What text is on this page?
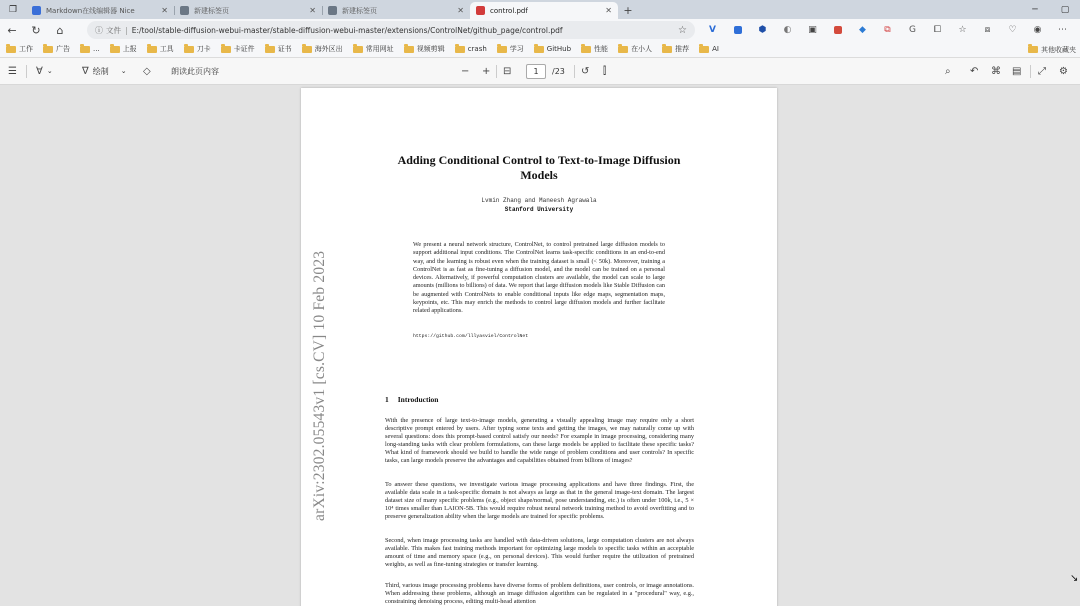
❐	Markdown在线编辑器 Nice	✕	新建标签页	✕	新建标签页	✕	control.pdf	✕	+	─	▢
←	↻	⌂	ⓘ 文件 | E:/tool/stable-diffusion-webui-master/stable-diffusion-webui-master/extensions/ControlNet/github_page/control.pdf	☆	V	⬢	◐	▣	◆	⧉	G	⧠	☆	⧈	♡	◉	⋯
工作	广告	...	上报	工具	刀卡	卡证件	证书	海外区出	常用网址	视频剪辑	crash	学习	GitHub	性能	在小人	推荐	AI	其他收藏夹
☰ ∀ ⌄	∇ 绘制 ⌄ ◇	朗读此页内容	− + ⊟	1	/23 ↺ ⫿	⌕ ↶ ⌘ ▤ ⤢ ⚙
arXiv:2302.05543v1 [cs.CV] 10 Feb 2023
Adding Conditional Control to Text-to-Image Diffusion Models
Lvmin Zhang and Maneesh Agrawala
Stanford University
We present a neural network structure, ControlNet, to control pretrained large diffusion models to support additional input conditions. The ControlNet learns task-specific conditions in an end-to-end way, and the learning is robust even when the training dataset is small (< 50k). Moreover, training a ControlNet is as fast as fine-tuning a diffusion model, and the model can be trained on a personal devices. Alternatively, if powerful computation clusters are available, the model can scale to large amounts (millions to billions) of data. We report that large diffusion models like Stable Diffusion can be augmented with ControlNets to enable conditional inputs like edge maps, segmentation maps, keypoints, etc. This may enrich the methods to control large diffusion models and further facilitate related applications.
https://github.com/lllyasviel/ControlNet
1 Introduction
With the presence of large text-to-image models, generating a visually appealing image may require only a short descriptive prompt entered by users. After typing some texts and getting the images, we may naturally come up with several questions: does this prompt-based control satisfy our needs? For example in image processing, considering many long-standing tasks with clear problem formulations, can these large models be applied to facilitate these specific tasks? What kind of framework should we build to handle the wide range of problem conditions and user controls? In specific tasks, can large models preserve the advantages and capabilities obtained from billions of images?
To answer these questions, we investigate various image processing applications and have three findings. First, the available data scale in a task-specific domain is not always as large as that in the general image-text domain. The largest dataset size of many specific problems (e.g., object shape/normal, pose understanding, etc.) is often under 100k, i.e., 5 × 10⁴ times smaller than LAION-5B. This would require robust neural network training method to avoid overfitting and to preserve generalization ability when the large models are trained for specific problems.
Second, when image processing tasks are handled with data-driven solutions, large computation clusters are not always available. This makes fast training methods important for optimizing large models to specific tasks within an acceptable amount of time and memory space (e.g., on personal devices). This would further require the utilization of pretrained weights, as well as fine-tuning strategies or transfer learning.
Third, various image processing problems have diverse forms of problem definitions, user controls, or image annotations. When addressing these problems, although an image diffusion algorithm can be regulated in a "procedural" way, e.g., constraining denoising process, editing multi-head attention
↘
